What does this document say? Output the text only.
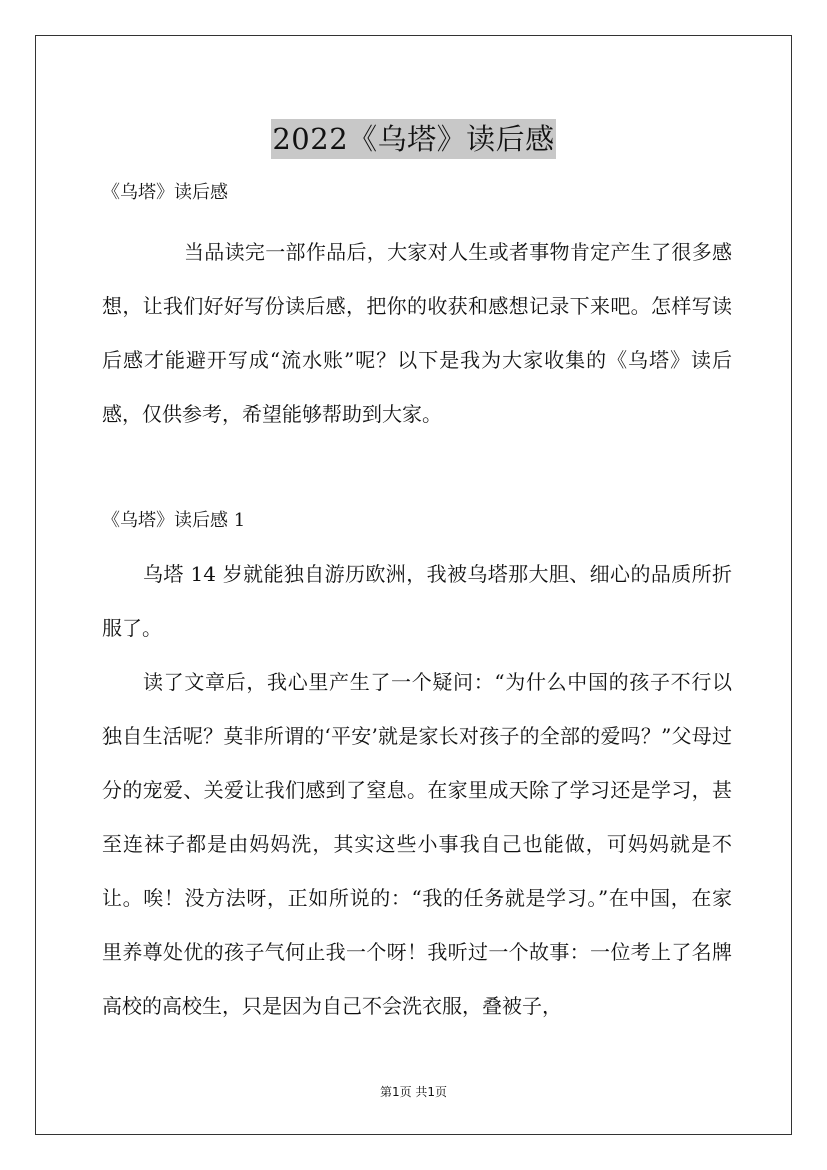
2022《乌塔》读后感
《乌塔》读后感

当品读完一部作品后，大家对人生或者事物肯定产生了很多感想，让我们好好写份读后感，把你的收获和感想记录下来吧。怎样写读后感才能避开写成“流水账”呢？以下是我为大家收集的《乌塔》读后感，仅供参考，希望能够帮助到大家。

《乌塔》读后感 1

乌塔 14 岁就能独自游历欧洲，我被乌塔那大胆、细心的品质所折服了。

读了文章后，我心里产生了一个疑问：“为什么中国的孩子不行以独自生活呢？莫非所谓的‘平安’就是家长对孩子的全部的爱吗？”父母过分的宠爱、关爱让我们感到了窒息。在家里成天除了学习还是学习，甚至连袜子都是由妈妈洗，其实这些小事我自己也能做，可妈妈就是不让。唉！没方法呀，正如所说的：“我的任务就是学习。”在中国，在家里养尊处优的孩子气何止我一个呀！我听过一个故事：一位考上了名牌高校的高校生，只是因为自己不会洗衣服，叠被子，

第1页 共1页
